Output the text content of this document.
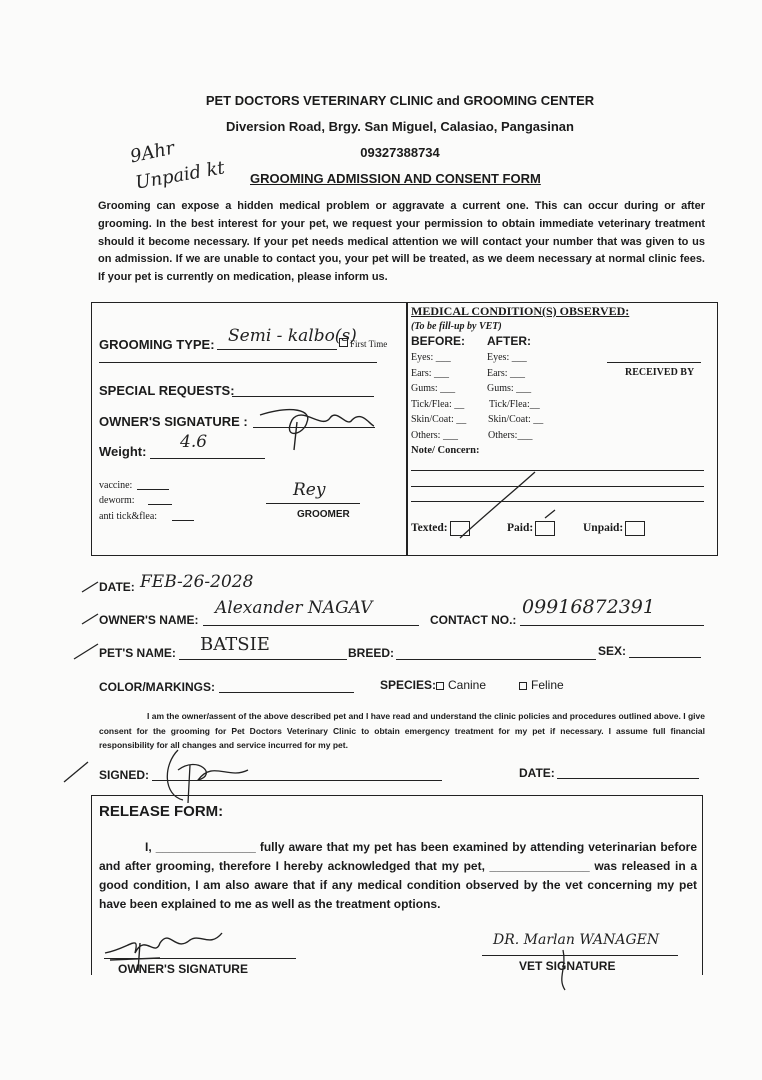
PET DOCTORS VETERINARY CLINIC and GROOMING CENTER
Diversion Road, Brgy. San Miguel, Calasiao, Pangasinan
09327388734
GROOMING ADMISSION AND CONSENT FORM
9Ahr
Unpaid kt
Grooming can expose a hidden medical problem or aggravate a current one. This can occur during or after grooming. In the best interest for your pet, we request your permission to obtain immediate veterinary treatment should it become necessary. If your pet needs medical attention we will contact your number that was given to us on admission. If we are unable to contact you, your pet will be treated, as we deem necessary at normal clinic fees. If your pet is currently on medication, please inform us.
GROOMING TYPE: Semi - kalbo(s)
First Time
SPECIAL REQUESTS:
OWNER'S SIGNATURE :
Weight: 4.6
vaccine:
deworm:
anti tick&flea:
Rey
GROOMER
MEDICAL CONDITION(S) OBSERVED:
(To be fill-up by VET)
BEFORE: AFTER:
Eyes: ___	Eyes: ___
Ears: ___	Ears: ___
Gums: ___	Gums: ___
Tick/Flea: __ Tick/Flea:__
Skin/Coat: __ Skin/Coat: __
Others: ___	Others:___
RECEIVED BY
Note/ Concern:
Texted:	Paid:	Unpaid:
DATE: FEB-26-2028
OWNER'S NAME:
Alexander NAGAV
CONTACT NO.:
09916872391
PET'S NAME: BATSIE	BREED:	SEX:
COLOR/MARKINGS:	SPECIES: Canine	Feline
I am the owner/assent of the above described pet and I have read and understand the clinic policies and procedures outlined above. I give consent for the grooming for Pet Doctors Veterinary Clinic to obtain emergency treatment for my pet if necessary. I assume full financial responsibility for all changes and service incurred for my pet.
SIGNED:	DATE:
RELEASE FORM:
I, _______________ fully aware that my pet has been examined by attending veterinarian before and after grooming, therefore I hereby acknowledged that my pet, _______________ was released in a good condition, I am also aware that if any medical condition observed by the vet concerning my pet have been explained to me as well as the treatment options.
OWNER'S SIGNATURE
DR. Marlan WANAGEN
VET SIGNATURE
